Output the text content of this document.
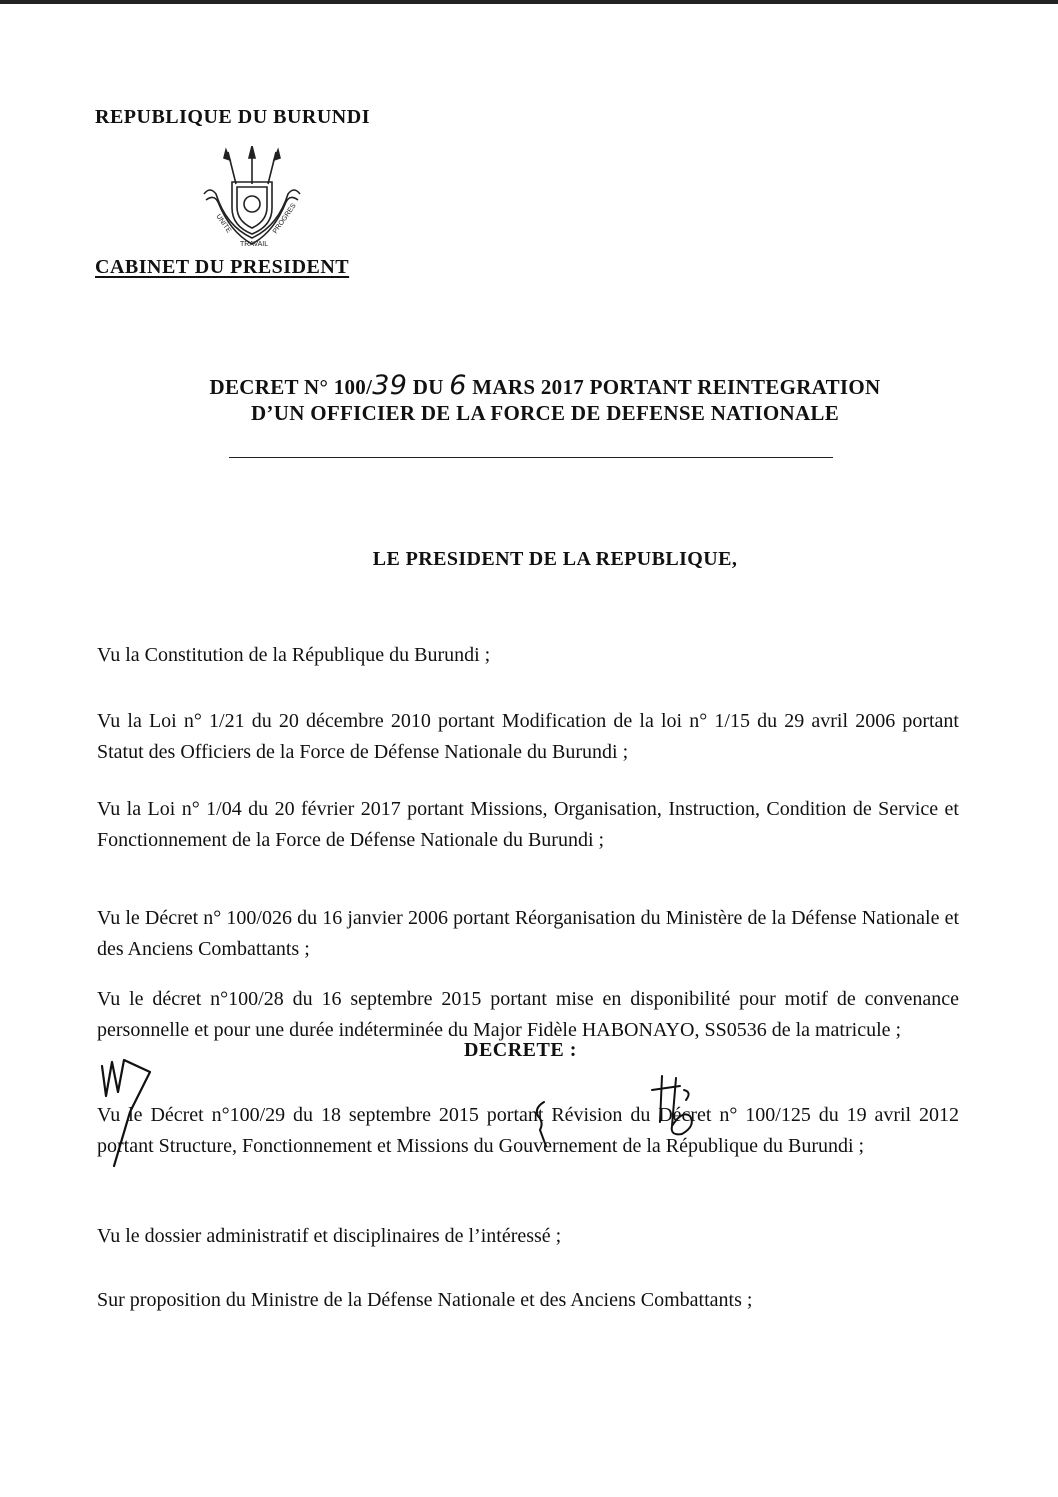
REPUBLIQUE DU BURUNDI
UNITE
TRAVAIL
PROGRES
CABINET DU PRESIDENT
DECRET N° 100/39 DU 6 MARS 2017 PORTANT REINTEGRATION
D’UN OFFICIER DE LA FORCE DE DEFENSE NATIONALE
LE PRESIDENT DE LA REPUBLIQUE,

Vu la Constitution de la République du Burundi ;

Vu la Loi n° 1/21 du 20 décembre 2010 portant Modification de la loi n° 1/15 du 29 avril 2006 portant Statut des Officiers de la Force de Défense Nationale du Burundi ;

Vu la Loi n° 1/04 du 20 février 2017 portant Missions, Organisation, Instruction, Condition de Service et Fonctionnement de la Force de Défense Nationale du Burundi ;

Vu le Décret n° 100/026 du 16 janvier 2006 portant Réorganisation du Ministère de la Défense Nationale et des Anciens Combattants ;

Vu le décret n°100/28 du 16 septembre 2015 portant mise en disponibilité pour motif de convenance personnelle et pour une durée indéterminée du Major Fidèle HABONAYO, SS0536 de la matricule ;

Vu le Décret n°100/29 du 18 septembre 2015 portant Révision du Décret n° 100/125 du 19 avril 2012 portant Structure, Fonctionnement et Missions du Gouvernement de la République du Burundi ;

Vu le dossier administratif et disciplinaires de l’intéressé ;

Sur proposition du Ministre de la Défense Nationale et des Anciens Combattants ;

DECRETE :
